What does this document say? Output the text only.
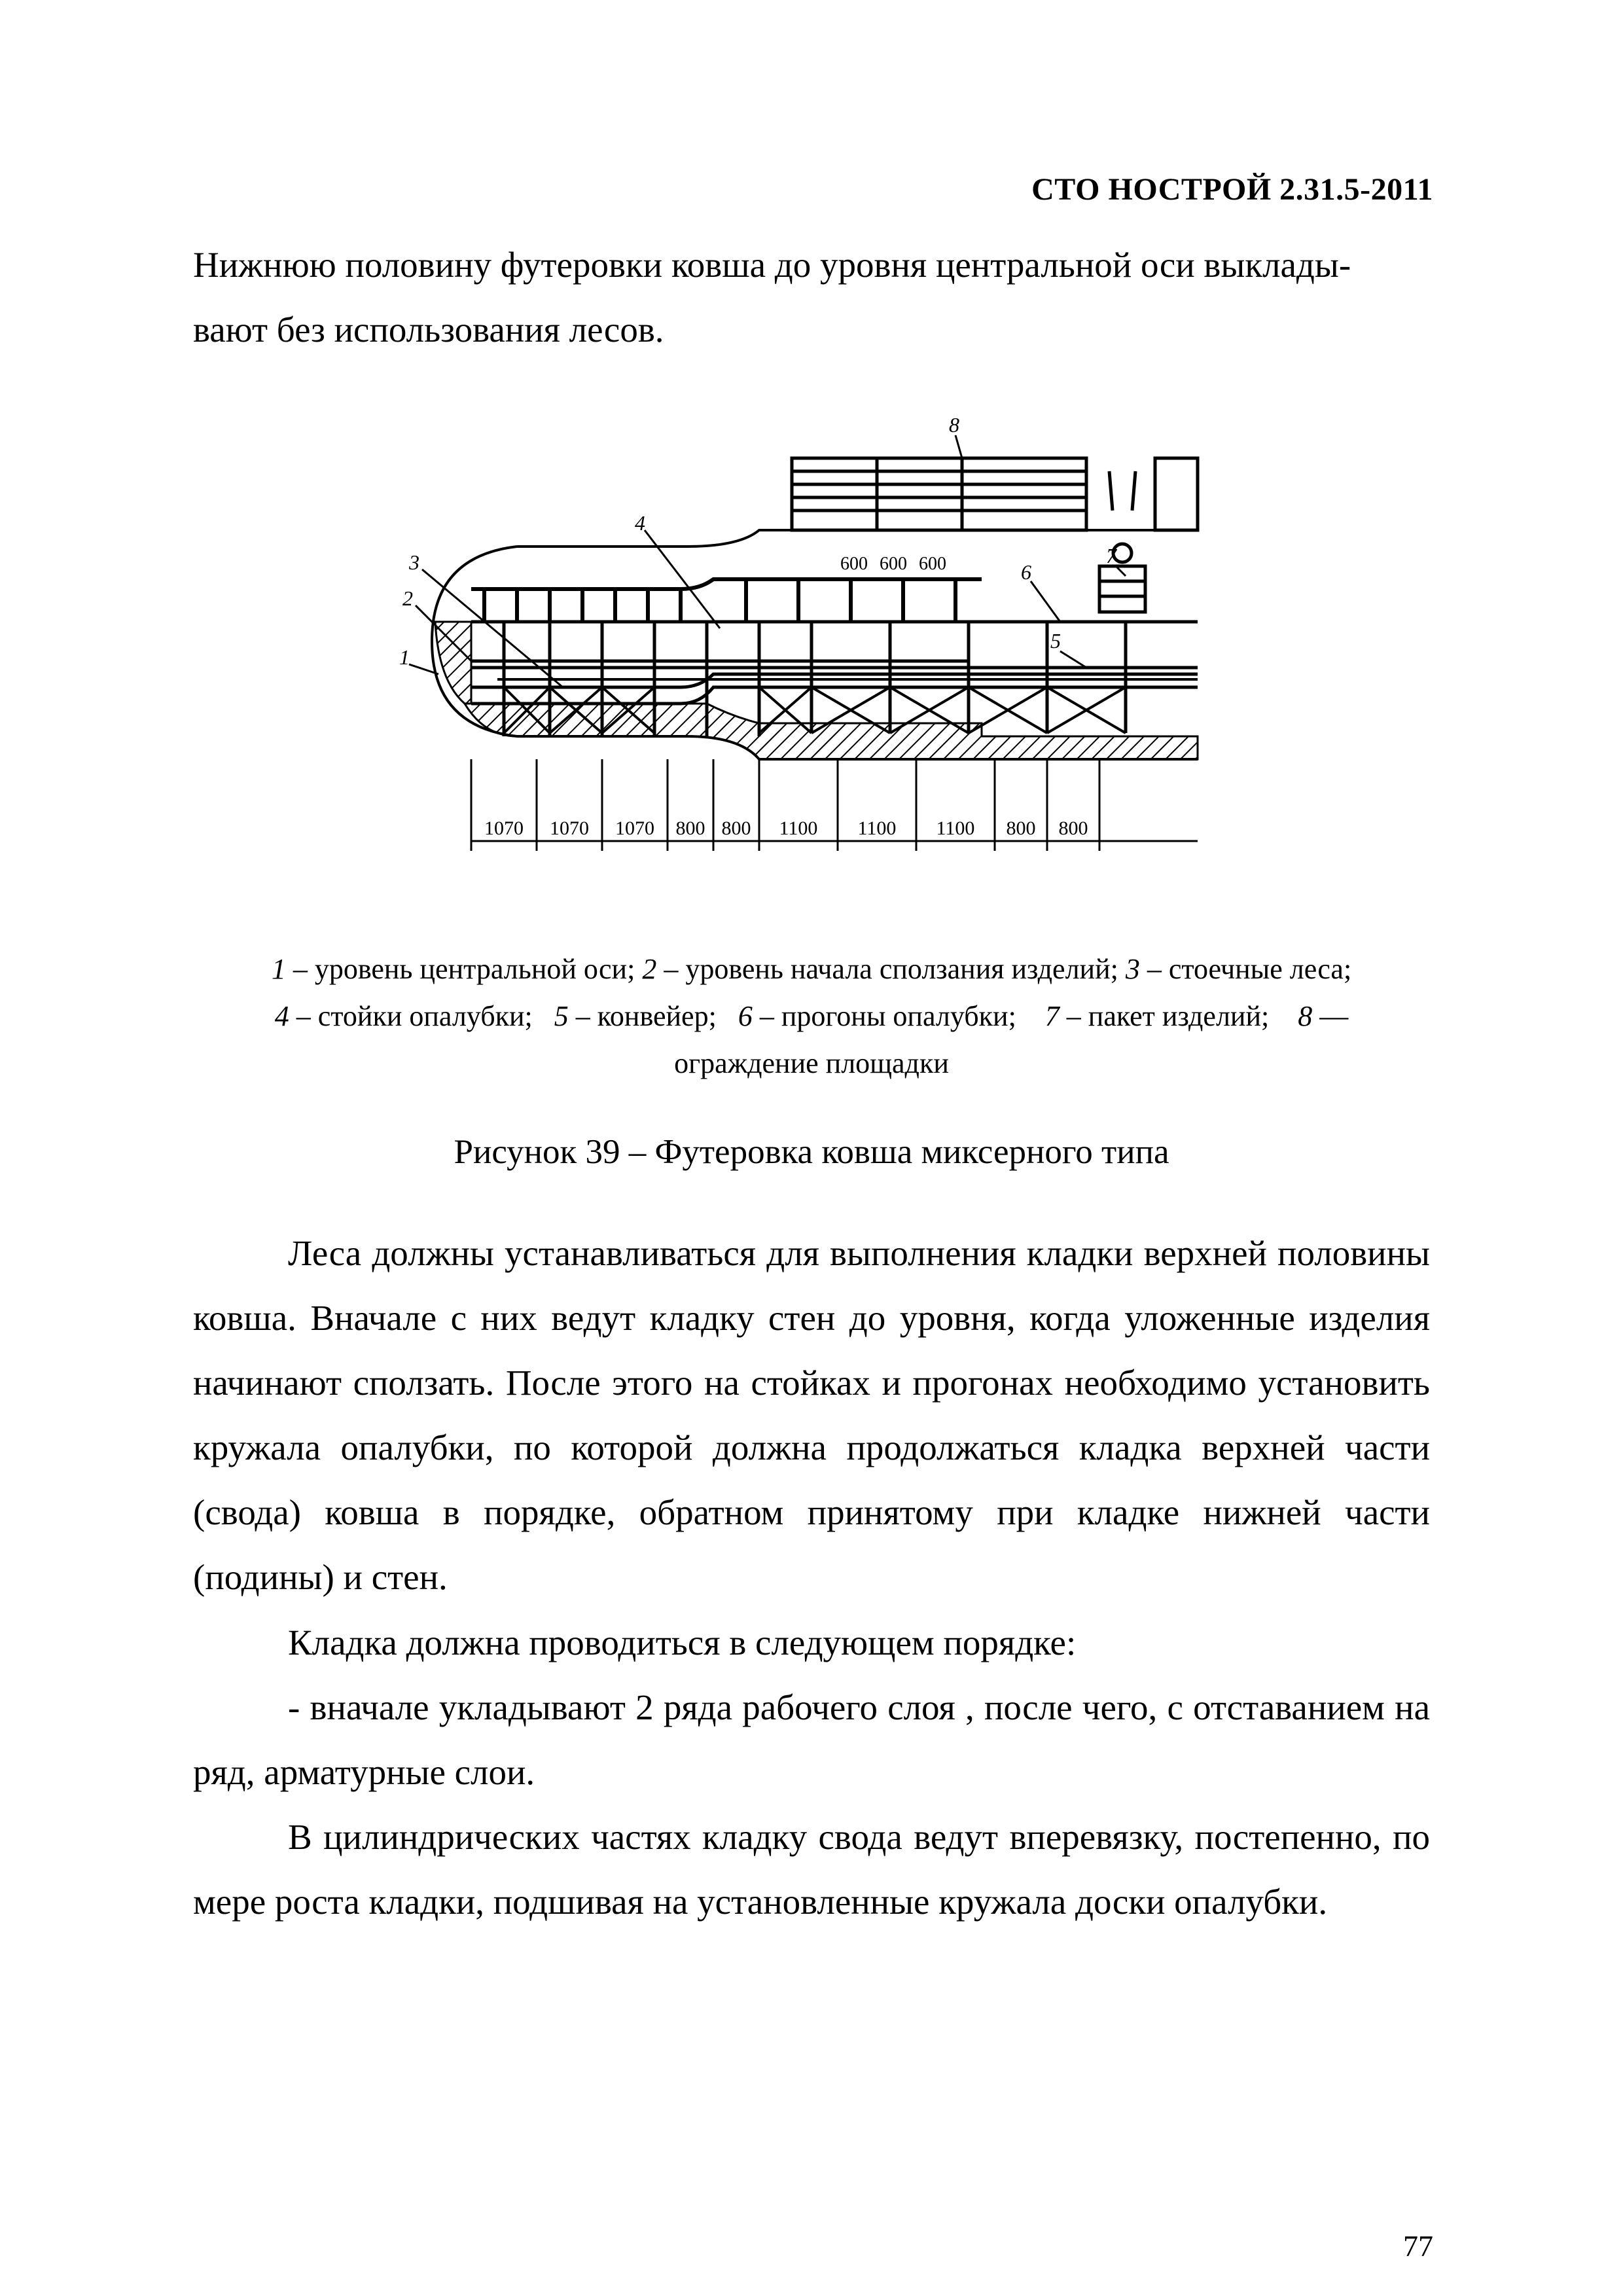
СТО НОСТРОЙ 2.31.5-2011

Нижнюю половину футеровки ковша до уровня центральной оси выклады-

вают без использования лесов.

1070 1070 1070 800 800 1100 1100 1100 800 800
600 600 600
1
2
3
4
5
6
7
8

1 – уровень центральной оси; 2 – уровень начала сползания изделий; 3 – стоечные леса;

4 – стойки опалубки;   5 – конвейер;   6 – прогоны опалубки;    7 – пакет изделий;    8 —

ограждение площадки

Рисунок 39 – Футеровка ковша миксерного типа

Леса должны устанавливаться для выполнения кладки верхней половины ковша. Вначале с них ведут кладку стен до уровня, когда уложенные изделия начинают сползать. После этого на стойках и прогонах необходимо установить кружала опалубки, по которой должна продолжаться кладка верхней части (свода) ковша в порядке, обратном принятому при кладке нижней части (подины) и стен.

Кладка должна проводиться в следующем порядке:

- вначале укладывают 2 ряда рабочего слоя , после чего, с отставанием на ряд, арматурные слои.

В цилиндрических частях кладку свода ведут вперевязку, постепенно, по мере роста кладки, подшивая на установленные кружала доски опалубки.

77
